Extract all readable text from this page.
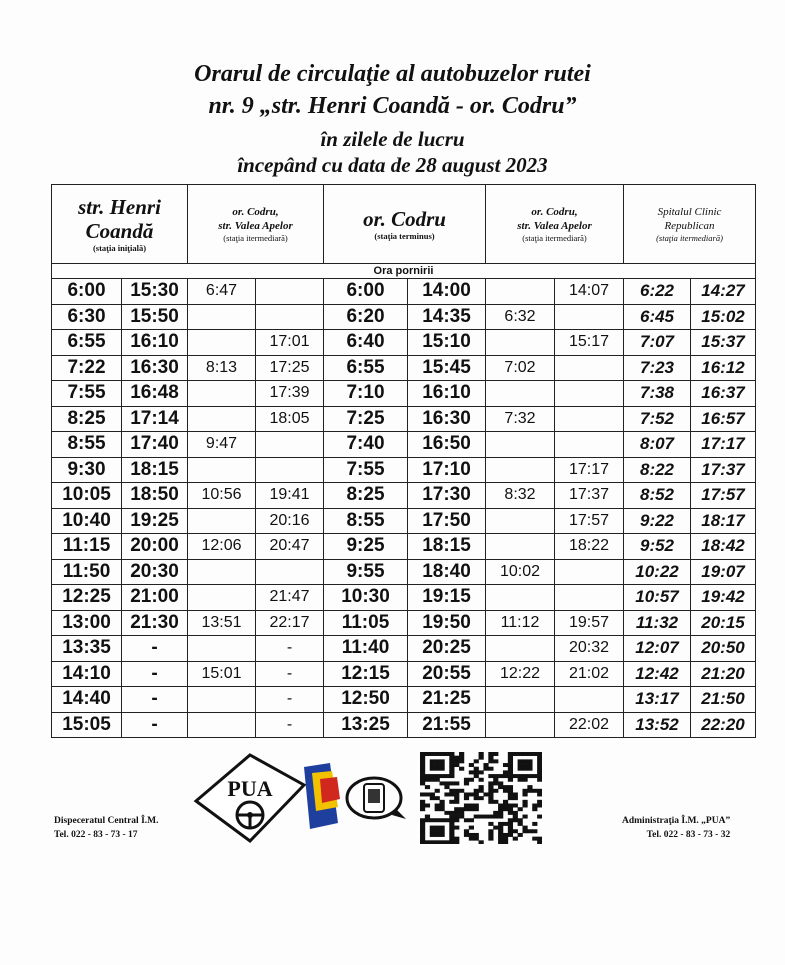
Orarul de circulaţie al autobuzelor rutei
nr. 9 „str. Henri Coandă - or. Codru”
în zilele de lucru
începând cu data de 28 august 2023
str. Henri
Coandă
(staţia iniţială)		or. Codru,
str. Valea Apelor
(staţia itermediară)		or. Codru
(staţia terminus)		or. Codru,
str. Valea Apelor
(staţia itermediară)		Spitalul Clinic
Republican
(staţia itermediară)	

Ora pornirii									
6:00	15:30	6:47		6:00	14:00		14:07	6:22	14:27
6:30	15:50			6:20	14:35	6:32		6:45	15:02
6:55	16:10		17:01	6:40	15:10		15:17	7:07	15:37
7:22	16:30	8:13	17:25	6:55	15:45	7:02		7:23	16:12
7:55	16:48		17:39	7:10	16:10			7:38	16:37
8:25	17:14		18:05	7:25	16:30	7:32		7:52	16:57
8:55	17:40	9:47		7:40	16:50			8:07	17:17
9:30	18:15			7:55	17:10		17:17	8:22	17:37
10:05	18:50	10:56	19:41	8:25	17:30	8:32	17:37	8:52	17:57
10:40	19:25		20:16	8:55	17:50		17:57	9:22	18:17
11:15	20:00	12:06	20:47	9:25	18:15		18:22	9:52	18:42
11:50	20:30			9:55	18:40	10:02		10:22	19:07
12:25	21:00		21:47	10:30	19:15			10:57	19:42
13:00	21:30	13:51	22:17	11:05	19:50	11:12	19:57	11:32	20:15
13:35	-		-	11:40	20:25		20:32	12:07	20:50
14:10	-	15:01	-	12:15	20:55	12:22	21:02	12:42	21:20
14:40	-		-	12:50	21:25			13:17	21:50
15:05	-		-	13:25	21:55		22:02	13:52	22:20
Dispeceratul Central Î.M.
Tel. 022 - 83 - 73 - 17
PUA
Administraţia Î.M. „PUA”
Tel. 022 - 83 - 73 - 32
